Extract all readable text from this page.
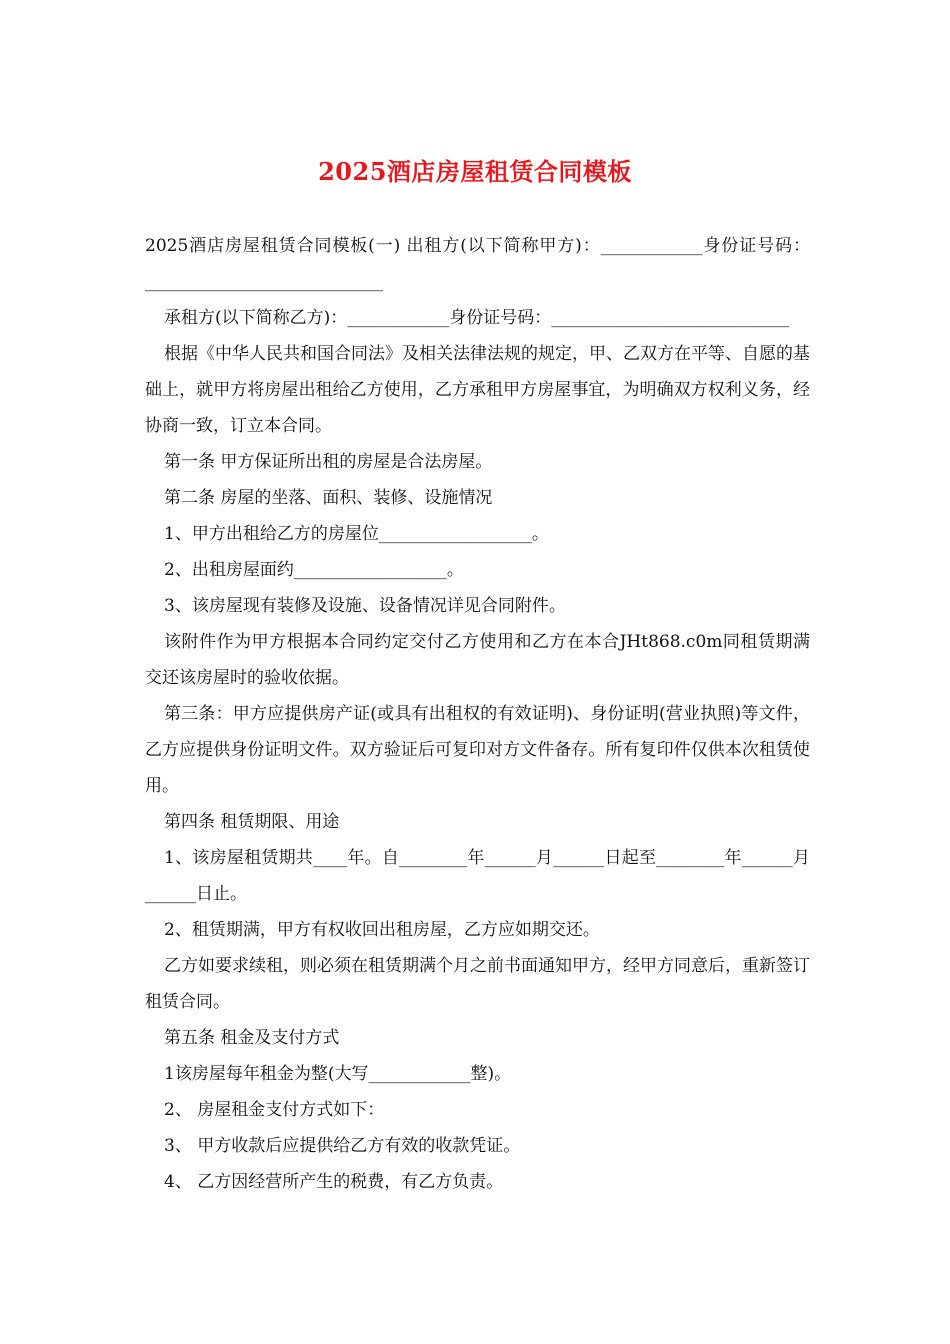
2025酒店房屋租赁合同模板

2025酒店房屋租赁合同模板(一) 出租方(以下简称甲方)：____________身份证号码：____________________________

承租方(以下简称乙方)：____________身份证号码：____________________________

根据《中华人民共和国合同法》及相关法律法规的规定，甲、乙双方在平等、自愿的基础上，就甲方将房屋出租给乙方使用，乙方承租甲方房屋事宜，为明确双方权利义务，经协商一致，订立本合同。

第一条 甲方保证所出租的房屋是合法房屋。

第二条 房屋的坐落、面积、装修、设施情况

1、甲方出租给乙方的房屋位__________________。

2、出租房屋面约__________________。

3、该房屋现有装修及设施、设备情况详见合同附件。

该附件作为甲方根据本合同约定交付乙方使用和乙方在本合JHt868.c0m同租赁期满交还该房屋时的验收依据。

第三条：甲方应提供房产证(或具有出租权的有效证明)、身份证明(营业执照)等文件，乙方应提供身份证明文件。双方验证后可复印对方文件备存。所有复印件仅供本次租赁使用。

第四条 租赁期限、用途

1、该房屋租赁期共____年。自________年______月______日起至________年______月______日止。

2、租赁期满，甲方有权收回出租房屋，乙方应如期交还。

乙方如要求续租，则必须在租赁期满个月之前书面通知甲方，经甲方同意后，重新签订租赁合同。

第五条 租金及支付方式

1该房屋每年租金为整(大写____________整)。

2、 房屋租金支付方式如下：

3、 甲方收款后应提供给乙方有效的收款凭证。

4、 乙方因经营所产生的税费，有乙方负责。
